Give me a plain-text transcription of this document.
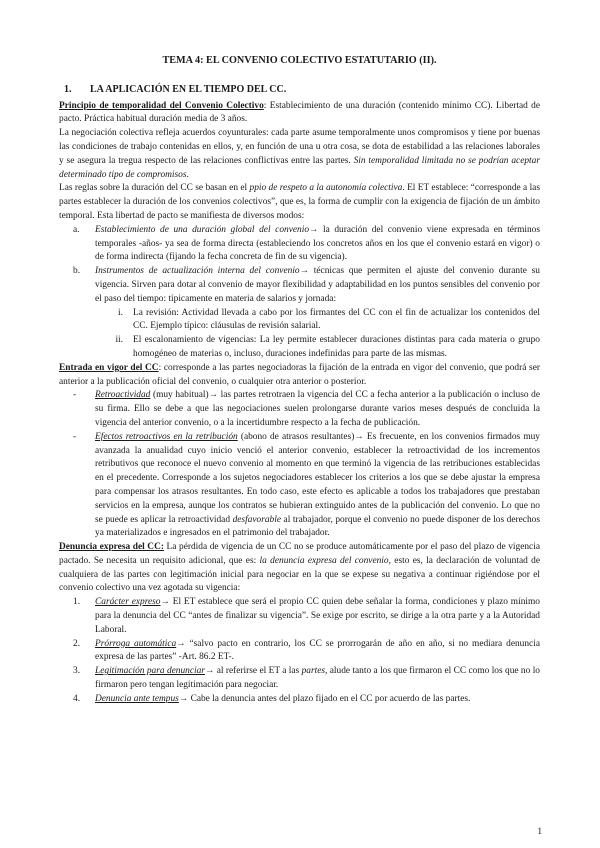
TEMA 4: EL CONVENIO COLECTIVO ESTATUTARIO (II).
1. LA APLICACIÓN EN EL TIEMPO DEL CC.

Principio de temporalidad del Convenio Colectivo: Establecimiento de una duración (contenido mínimo CC). Libertad de pacto. Práctica habitual duración media de 3 años.

La negociación colectiva refleja acuerdos coyunturales: cada parte asume temporalmente unos compromisos y tiene por buenas las condiciones de trabajo contenidas en ellos, y, en función de una u otra cosa, se dota de estabilidad a las relaciones laborales y se asegura la tregua respecto de las relaciones conflictivas entre las partes. Sin temporalidad limitada no se podrían aceptar determinado tipo de compromisos.

Las reglas sobre la duración del CC se basan en el ppio de respeto a la autonomía colectiva. El ET establece: “corresponde a las partes establecer la duración de los convenios colectivos”, que es, la forma de cumplir con la exigencia de fijación de un ámbito temporal. Esta libertad de pacto se manifiesta de diversos modos:

a.	Establecimiento de una duración global del convenio→ la duración del convenio viene expresada en términos temporales -años- ya sea de forma directa (estableciendo los concretos años en los que el convenio estará en vigor) o de forma indirecta (fijando la fecha concreta de fin de su vigencia).
b.	Instrumentos de actualización interna del convenio→ técnicas que permiten el ajuste del convenio durante su vigencia. Sirven para dotar al convenio de mayor flexibilidad y adaptabilidad en los puntos sensibles del convenio por el paso del tiempo: típicamente en materia de salarios y jornada:
i.	La revisión: Actividad llevada a cabo por los firmantes del CC con el fin de actualizar los contenidos del CC. Ejemplo típico: cláusulas de revisión salarial.
ii.	El escalonamiento de vigencias: La ley permite establecer duraciones distintas para cada materia o grupo homogéneo de materias o, incluso, duraciones indefinidas para parte de las mismas.

Entrada en vigor del CC: corresponde a las partes negociadoras la fijación de la entrada en vigor del convenio, que podrá ser anterior a la publicación oficial del convenio, o cualquier otra anterior o posterior.

-	Retroactividad (muy habitual)→ las partes retrotraen la vigencia del CC a fecha anterior a la publicación o incluso de su firma. Ello se debe a que las negociaciones suelen prolongarse durante varios meses después de concluida la vigencia del anterior convenio, o a la incertidumbre respecto a la fecha de publicación.
-	Efectos retroactivos en la retribución (abono de atrasos resultantes)→ Es frecuente, en los convenios firmados muy avanzada la anualidad cuyo inicio venció el anterior convenio, establecer la retroactividad de los incrementos retributivos que reconoce el nuevo convenio al momento en que terminó la vigencia de las retribuciones establecidas en el precedente. Corresponde a los sujetos negociadores establecer los criterios a los que se debe ajustar la empresa para compensar los atrasos resultantes. En todo caso, este efecto es aplicable a todos los trabajadores que prestaban servicios en la empresa, aunque los contratos se hubieran extinguido antes de la publicación del convenio. Lo que no se puede es aplicar la retroactividad desfavorable al trabajador, porque el convenio no puede disponer de los derechos ya materializados e ingresados en el patrimonio del trabajador.

Denuncia expresa del CC: La pérdida de vigencia de un CC no se produce automáticamente por el paso del plazo de vigencia pactado. Se necesita un requisito adicional, que es: la denuncia expresa del convenio, esto es, la declaración de voluntad de cualquiera de las partes con legitimación inicial para negociar en la que se expese su negativa a continuar rigiéndose por el convenio colectivo una vez agotada su vigencia:

1.	Carácter expreso→ El ET establece que será el propio CC quien debe señalar la forma, condiciones y plazo mínimo para la denuncia del CC “antes de finalizar su vigencia”. Se exige por escrito, se dirige a la otra parte y a la Autoridad Laboral.
2.	Prórroga automática→ “salvo pacto en contrario, los CC se prorrogarán de año en año, si no mediara denuncia expresa de las partes” -Art. 86.2 ET-.
3.	Legitimación para denunciar→ al referirse el ET a las partes, alude tanto a los que firmaron el CC como los que no lo firmaron pero tengan legitimación para negociar.
4.	Denuncia ante tempus→ Cabe la denuncia antes del plazo fijado en el CC por acuerdo de las partes.
1
